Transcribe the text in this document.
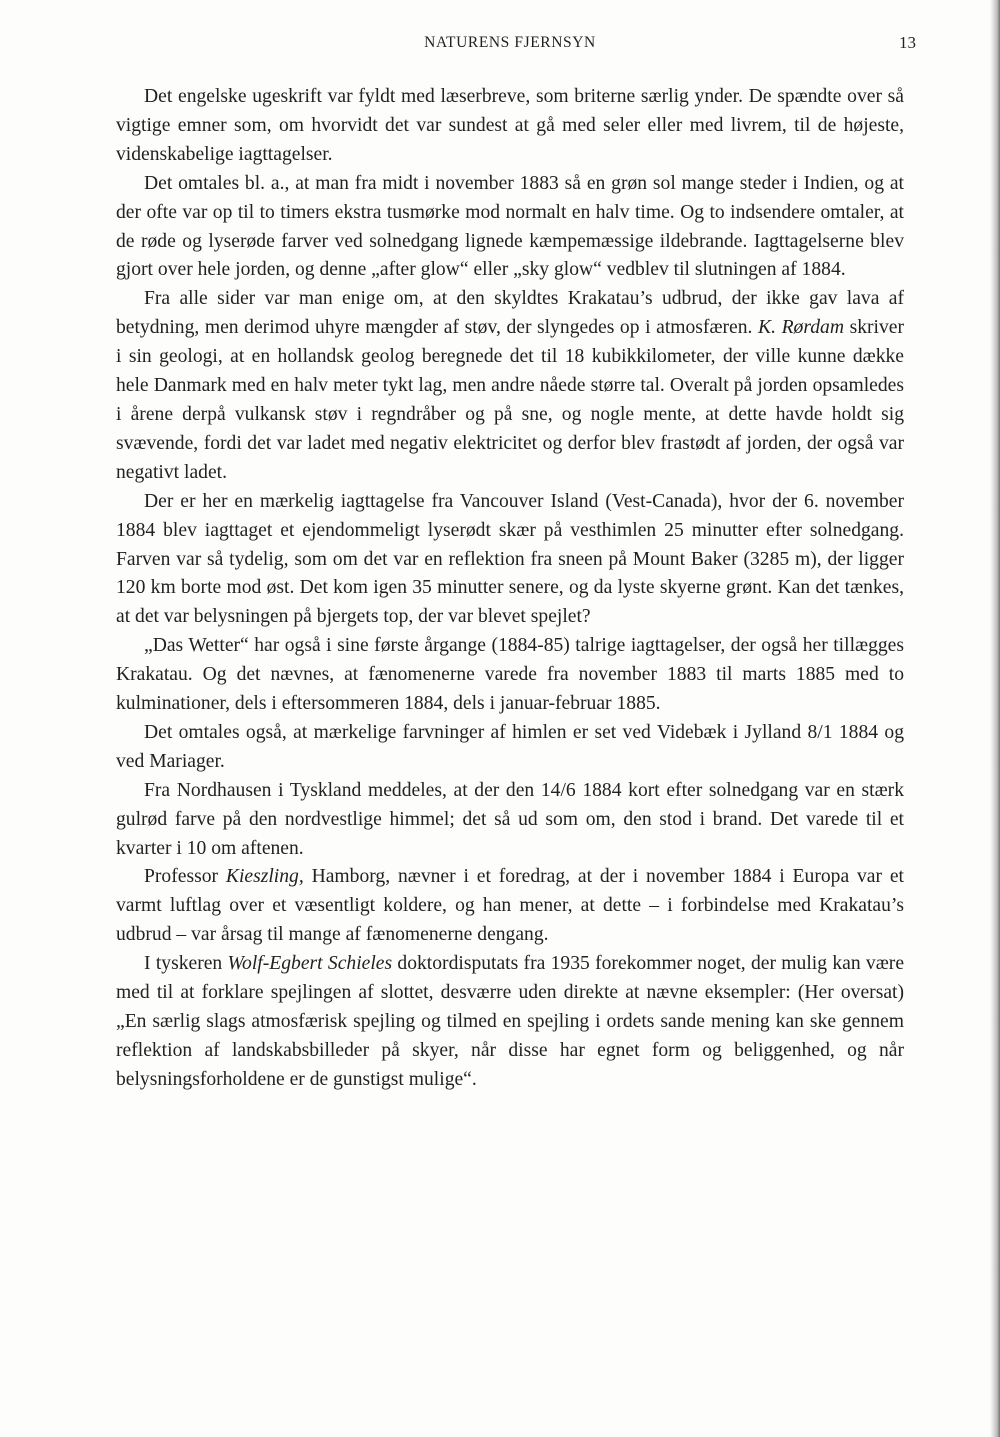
NATURENS FJERNSYN	13

Det engelske ugeskrift var fyldt med læserbreve, som briterne særlig ynder. De spændte over så vigtige emner som, om hvorvidt det var sundest at gå med seler eller med livrem, til de højeste, videnskabelige iagttagelser.

Det omtales bl. a., at man fra midt i november 1883 så en grøn sol mange steder i Indien, og at der ofte var op til to timers ekstra tusmørke mod normalt en halv time. Og to indsendere omtaler, at de røde og lyserøde farver ved solnedgang lignede kæmpemæssige ildebrande. Iagttagelserne blev gjort over hele jorden, og denne „after glow“ eller „sky glow“ vedblev til slutningen af 1884.

Fra alle sider var man enige om, at den skyldtes Krakatau’s udbrud, der ikke gav lava af betydning, men derimod uhyre mængder af støv, der slyngedes op i atmosfæren. K. Rørdam skriver i sin geologi, at en hollandsk geolog beregnede det til 18 kubikkilometer, der ville kunne dække hele Danmark med en halv meter tykt lag, men andre nåede større tal. Overalt på jorden opsamledes i årene derpå vulkansk støv i regndråber og på sne, og nogle mente, at dette havde holdt sig svævende, fordi det var ladet med negativ elektricitet og derfor blev frastødt af jorden, der også var negativt ladet.

Der er her en mærkelig iagttagelse fra Vancouver Island (Vest-Canada), hvor der 6. november 1884 blev iagttaget et ejendommeligt lyserødt skær på vesthimlen 25 minutter efter solnedgang. Farven var så tydelig, som om det var en reflektion fra sneen på Mount Baker (3285 m), der ligger 120 km borte mod øst. Det kom igen 35 minutter senere, og da lyste skyerne grønt. Kan det tænkes, at det var belysningen på bjergets top, der var blevet spejlet?

„Das Wetter“ har også i sine første årgange (1884-85) talrige iagttagelser, der også her tillægges Krakatau. Og det nævnes, at fænomenerne varede fra november 1883 til marts 1885 med to kulminationer, dels i eftersommeren 1884, dels i januar-februar 1885.

Det omtales også, at mærkelige farvninger af himlen er set ved Videbæk i Jylland 8/1 1884 og ved Mariager.

Fra Nordhausen i Tyskland meddeles, at der den 14/6 1884 kort efter solnedgang var en stærk gulrød farve på den nordvestlige himmel; det så ud som om, den stod i brand. Det varede til et kvarter i 10 om aftenen.

Professor Kieszling, Hamborg, nævner i et foredrag, at der i november 1884 i Europa var et varmt luftlag over et væsentligt koldere, og han mener, at dette – i forbindelse med Krakatau’s udbrud – var årsag til mange af fænomenerne dengang.

I tyskeren Wolf-Egbert Schieles doktordisputats fra 1935 forekommer noget, der mulig kan være med til at forklare spejlingen af slottet, desværre uden direkte at nævne eksempler: (Her oversat) „En særlig slags atmosfærisk spejling og tilmed en spejling i ordets sande mening kan ske gennem reflektion af landskabsbilleder på skyer, når disse har egnet form og beliggenhed, og når belysningsforholdene er de gunstigst mulige“.
